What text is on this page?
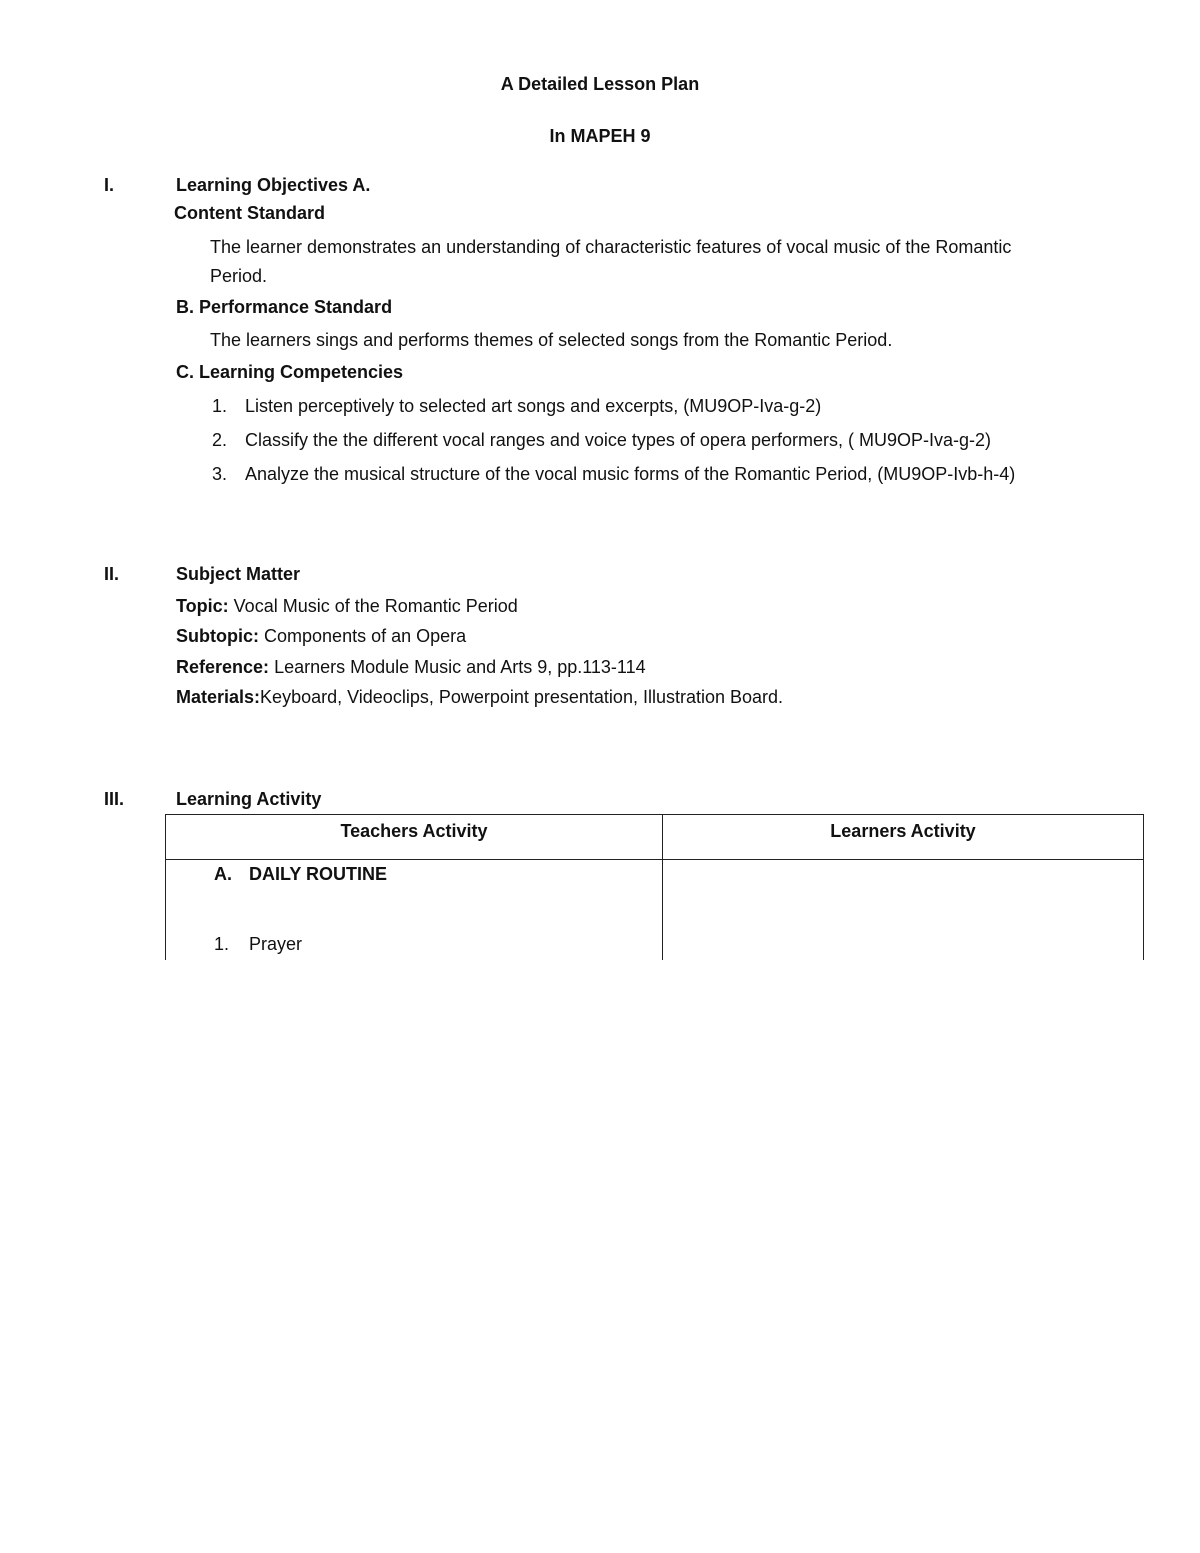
A Detailed Lesson Plan
In MAPEH 9
I.	Learning Objectives A.
Content Standard
The learner demonstrates an understanding of characteristic features of vocal music of the Romantic
Period.
B. Performance Standard
The learners sings and performs themes of selected songs from the Romantic Period.
C. Learning Competencies
1. Listen perceptively to selected art songs and excerpts, (MU9OP-Iva-g-2)
2. Classify the the different vocal ranges and voice types of opera performers, ( MU9OP-Iva-g-2)
3. Analyze the musical structure of the vocal music forms of the Romantic Period, (MU9OP-Ivb-h-4)
II.	Subject Matter
Topic: Vocal Music of the Romantic Period
Subtopic: Components of an Opera
Reference: Learners Module Music and Arts 9, pp.113-114
Materials:Keyboard, Videoclips, Powerpoint presentation, Illustration Board.
III.	Learning Activity
Teachers Activity	Learners Activity

A. DAILY ROUTINE
1. Prayer	
